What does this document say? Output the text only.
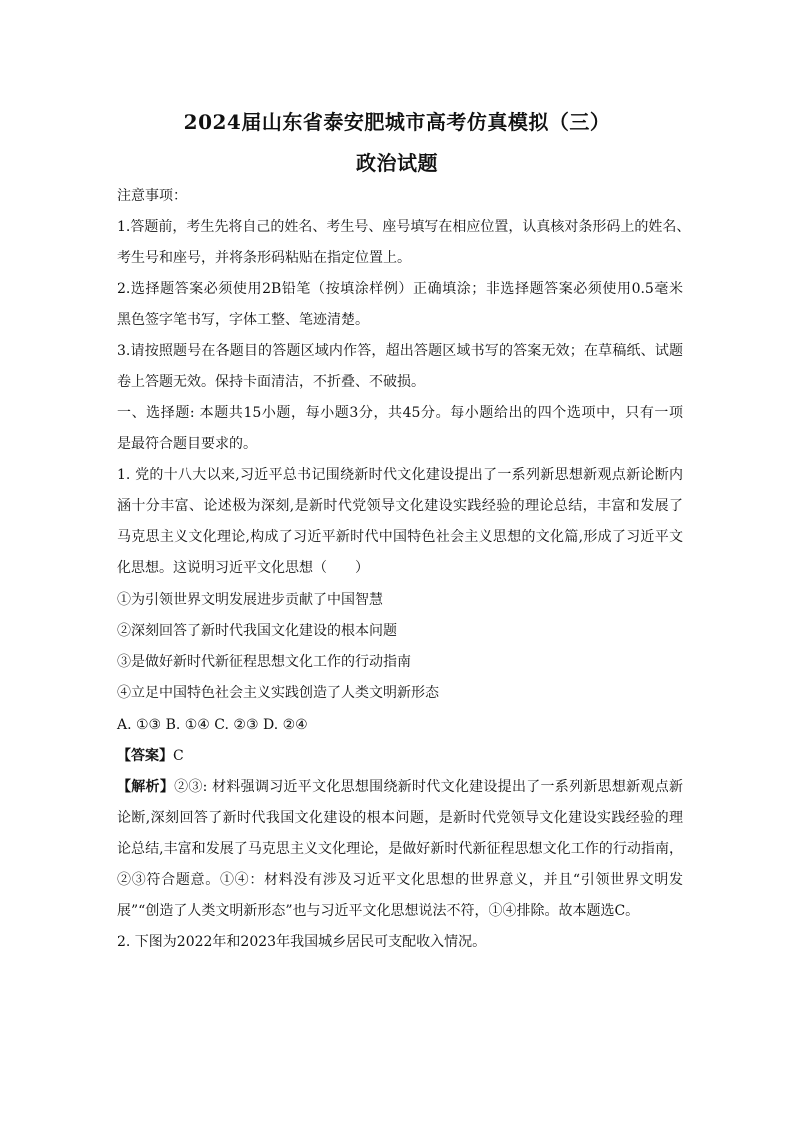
2024届山东省泰安肥城市高考仿真模拟（三）
政治试题
注意事项：
1.答题前，考生先将自己的姓名、考生号、座号填写在相应位置，认真核对条形码上的姓名、
考生号和座号，并将条形码粘贴在指定位置上。
2.选择题答案必须使用2B铅笔（按填涂样例）正确填涂；非选择题答案必须使用0.5毫米
黑色签字笔书写，字体工整、笔迹清楚。
3.请按照题号在各题目的答题区域内作答，超出答题区域书写的答案无效；在草稿纸、试题
卷上答题无效。保持卡面清洁，不折叠、不破损。
一、选择题: 本题共15小题，每小题3分，共45分。每小题给出的四个选项中，只有一项
是最符合题目要求的。
1. 党的十八大以来,习近平总书记围绕新时代文化建设提出了一系列新思想新观点新论断内
涵十分丰富、论述极为深刻,是新时代党领导文化建设实践经验的理论总结，丰富和发展了
马克思主义文化理论,构成了习近平新时代中国特色社会主义思想的文化篇,形成了习近平文
化思想。这说明习近平文化思想（　　）
①为引领世界文明发展进步贡献了中国智慧
②深刻回答了新时代我国文化建设的根本问题
③是做好新时代新征程思想文化工作的行动指南
④立足中国特色社会主义实践创造了人类文明新形态
A. ①③ B. ①④ C. ②③ D. ②④
【答案】C
【解析】②③: 材料强调习近平文化思想围绕新时代文化建设提出了一系列新思想新观点新
论断,深刻回答了新时代我国文化建设的根本问题，是新时代党领导文化建设实践经验的理
论总结,丰富和发展了马克思主义文化理论，是做好新时代新征程思想文化工作的行动指南，
②③符合题意。①④：材料没有涉及习近平文化思想的世界意义，并且“引领世界文明发
展”“创造了人类文明新形态”也与习近平文化思想说法不符，①④排除。故本题选C。
2. 下图为2022年和2023年我国城乡居民可支配收入情况。
